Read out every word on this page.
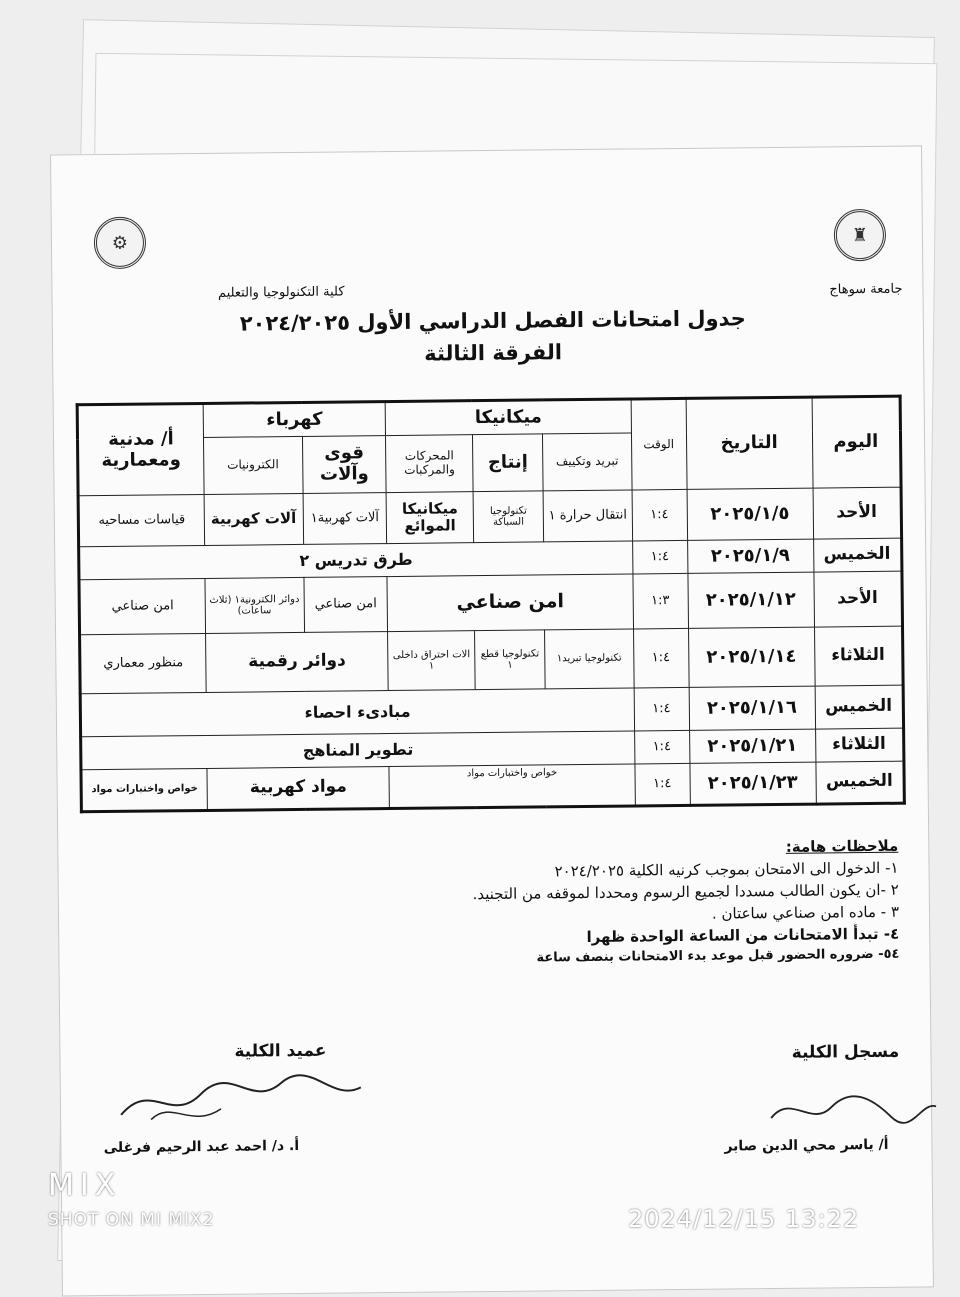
⚙	♜
كلية التكنولوجيا والتعليم	جامعة سوهاج
جدول امتحانات الفصل الدراسي الأول ٢٠٢٤/٢٠٢٥
الفرقة الثالثة
اليوم	التاريخ	الوقت	ميكانيكا			كهرباء		أ/ مدنية ومعمارية
			تبريد وتكييف	إنتاج	المحركات والمركبات	قوى وآلات	الكترونيات	
الأحد	٢٠٢٥/١/٥	١:٤	انتقال حرارة ١	تكنولوجيا السباكة	ميكانيكا الموائع	آلات كهربية١	آلات كهربية	قياسات مساحيه
الخميس	٢٠٢٥/١/٩	١:٤	طرق تدريس ٢					
الأحد	٢٠٢٥/١/١٢	١:٣	امن صناعي			امن صناعي	دوائر الكترونية١ (ثلاث ساعات)	امن صناعي
الثلاثاء	٢٠٢٥/١/١٤	١:٤	تكنولوجيا تبريد١	تكنولوجيا قطع ١	الات احتراق داخلى ١	دوائر رقمية		منظور معماري
الخميس	٢٠٢٥/١/١٦	١:٤	مبادىء احصاء					
الثلاثاء	٢٠٢٥/١/٢١	١:٤	تطوير المناهج					
الخميس	٢٠٢٥/١/٢٣	١:٤	خواص واختبارات مواد			مواد كهربية		خواص واختبارات مواد
ملاحظات هامة:
١- الدخول الى الامتحان بموجب كرنيه الكلية ٢٠٢٤/٢٠٢٥
٢ -ان يكون الطالب مسددا لجميع الرسوم ومحددا لموقفه من التجنيد.
٣ - ماده امن صناعي ساعتان .
٤- تبدأ الامتحانات من الساعة الواحدة ظهرا
٥٤- ضروره الحضور قبل موعد بدء الامتحانات بنصف ساعة
عميد الكلية
أ. د/ احمد عبد الرحيم فرغلى
مسجل الكلية
أ/ ياسر محي الدين صابر
MIX
SHOT ON MI MIX2	2024/12/15 13:22
